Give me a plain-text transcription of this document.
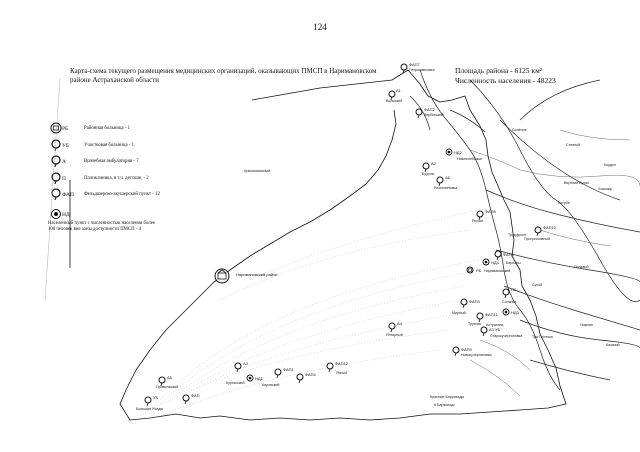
124
Карта-схема текущего размещения медицинских организаций, оказывающих ПМСП в Наримановском районе Астраханской области
Площадь района - 6125 км²
Численность населения - 48223
РБ	Районная больница - 1
УБ	Участковая больница - 1
А	Врачебная амбулатория - 7
П	Поликлиника, в т.ч. детские, - 2
ФАП Фельдшерско-акушерский пункт - 12
НД
Населенный пункт с численностью населения более 100 человек вне зоны доступности ПМСП - 4
Наримановский район
ФАП7
Петропавловка
А1
Волжский
ФАП2
Верблюжий
НД2
Нижнелебяжье
А2
Буруны
А6
Разночиновка
ФАП8
Рычан
ФАП10
Прогрессивный
ФАП5
НД4 Барханы
РБ Наримановский
П2
Солянка
ФАП3
Мирный	НД3
ФАП11
Трусово
А3 УБ
Старокучергановка
А4
Янтарный
ФАП9
Новокучергановка
ФАП12
ФАП1
ФАП4
НД1
А5
ФАП
А3
УБ
Кумолиманский
Солёное
Степной
Кордон
Верхний Бухал
Хошмир
Ахтуба
Трудфронт
Полевой
Сухой
Астрахань	Нижняя
Три Протока
Казачий
Красные Баррикады
К Баржанцы
Ясный
Приволжский
Курганский	Кировский
Большие Исады
